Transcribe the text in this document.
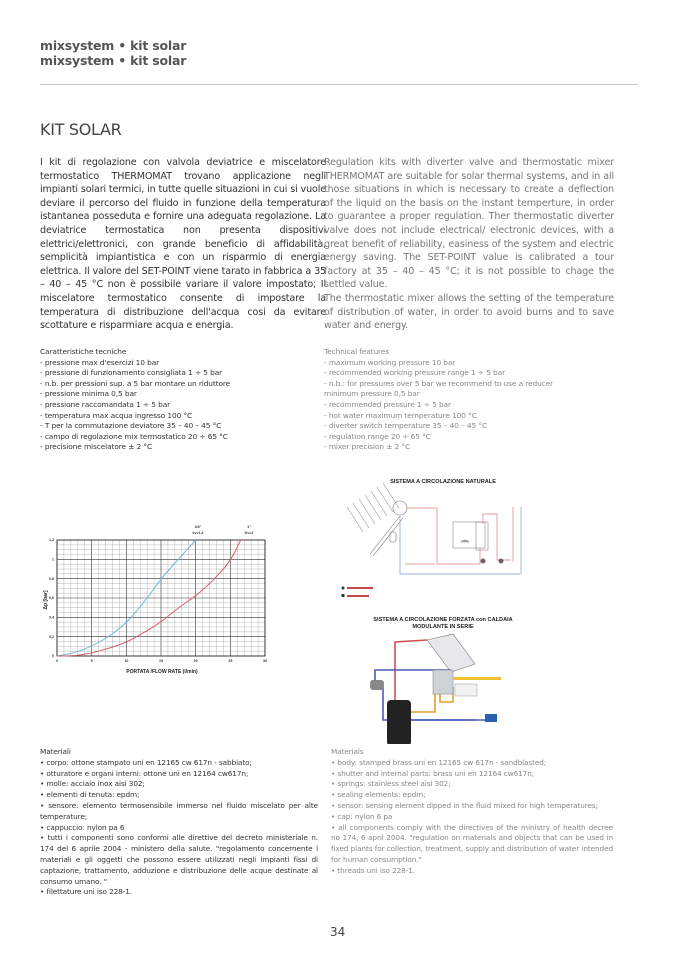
mixsystem • kit solar
mixsystem • kit solar
KIT SOLAR
I kit di regolazione con valvola deviatrice e miscelatore termostatico THERMOMAT trovano applicazione negli impianti solari termici, in tutte quelle situazioni in cui si vuole deviare il percorso del fluido in funzione della temperatura istantanea posseduta e fornire una adeguata regolazione. La deviatrice termostatica non presenta dispositivi elettrici/elettronici, con grande beneficio di affidabilità, semplicità impiantistica e con un risparmio di energia elettrica. Il valore del SET-POINT viene tarato in fabbrica a 35 – 40 – 45 °C non è possibile variare il valore impostato; Il miscelatore termostatico consente di impostare la temperatura di distribuzione dell'acqua cosi da evitare scottature e risparmiare acqua e energia.
Regulation kits with diverter valve and thermostatic mixer THERMOMAT are suitable for solar thermal systems, and in all those situations in which is necessary to create a deflection of the liquid on the basis on the instant temperture, in order to guarantee a proper regulation. Ther thermostatic diverter valve does not include electrical/ electronic devices, with a great benefit of reliability, easiness of the system and electric energy saving. The SET-POINT value is calibrated a tour factory at 35 – 40 – 45 °C; it is not possible to chage the settled value.
The thermostatic mixer allows the setting of the temperature of distribution of water, in order to avoid burns and to save water and energy.
Caratteristiche tecniche
- pressione max d'esercizi 10 bar
- pressione di funzionamento consigliata 1 ÷ 5 bar
- n.b. per pressioni sup. a 5 bar montare un riduttore
- pressione minima 0,5 bar
- pressione raccomandata 1 ÷ 5 bar
- temperatura max acqua ingresso 100 °C
- T per la commutazione deviatore 35 – 40 – 45 °C
- campo di regolazione mix termostatico 20 ÷ 65 °C
- precisione miscelatore ± 2 °C
Technical features
- maximum working pressure 10 bar
- recommended working pressure range 1 ÷ 5 bar
- n.b.: for pressures over 5 bar we recommend to use a reducer
minimum pressure 0,5 bar
- recommended pressure 1 ÷ 5 bar
- hot water maximum temperature 100 °C
- diverter switch temperature 35 – 40 – 45 °C
- regulation range 20 ÷ 65 °C
- mixer precision ± 2 °C
0	5	10	15	20	25	30
0
0,2
0,4
0,6
0,8
1
1,2
PORTATA /FLOW RATE (l/min)
Δp [bar]
3/4"
kv=1,4
1"
Kv=2
SISTEMA A CIRCOLAZIONE NATURALE
SISTEMA A CIRCOLAZIONE FORZATA con CALDAIA
MODULANTE IN SERIE
Materiali
• corpo: ottone stampato uni en 12165 cw 617n - sabbiato;
• otturatore e organi interni: ottone uni en 12164 cw617n;
• molle: acciaio inox aisi 302;
• elementi di tenuta: epdm;
• sensore: elemento termosensibile immerso nel fluido miscelato per alte temperature;
• cappuccio: nylon pa 6
• tutti i componenti sono conformi alle direttive del decreto ministeriale n. 174 del 6 aprile 2004 - ministero della salute. "regolamento concernente i materiali e gli oggetti che possono essere utilizzati negli impianti fissi di captazione, trattamento, adduzione e distribuzione delle acque destinate al consumo umano. "
• filettature uni iso 228-1.
Materials
• body: stamped brass uni en 12165 cw 617n - sandblasted;
• shutter and internal parts: brass uni en 12164 cw617n;
• springs: stainless steel aisi 302;
• sealing elements: epdm;
• sensor: sensing element dipped in the fluid mixed for high temperatures;
• cap: nylon 6 pa
• all components comply with the directives of the ministry of health decree no 174, 6 april 2004. "regulation on materials and objects that can be used in fixed plants for collection, treatment, supply and distribution of water intended for human consumption."
• threads uni iso 228-1.
34
